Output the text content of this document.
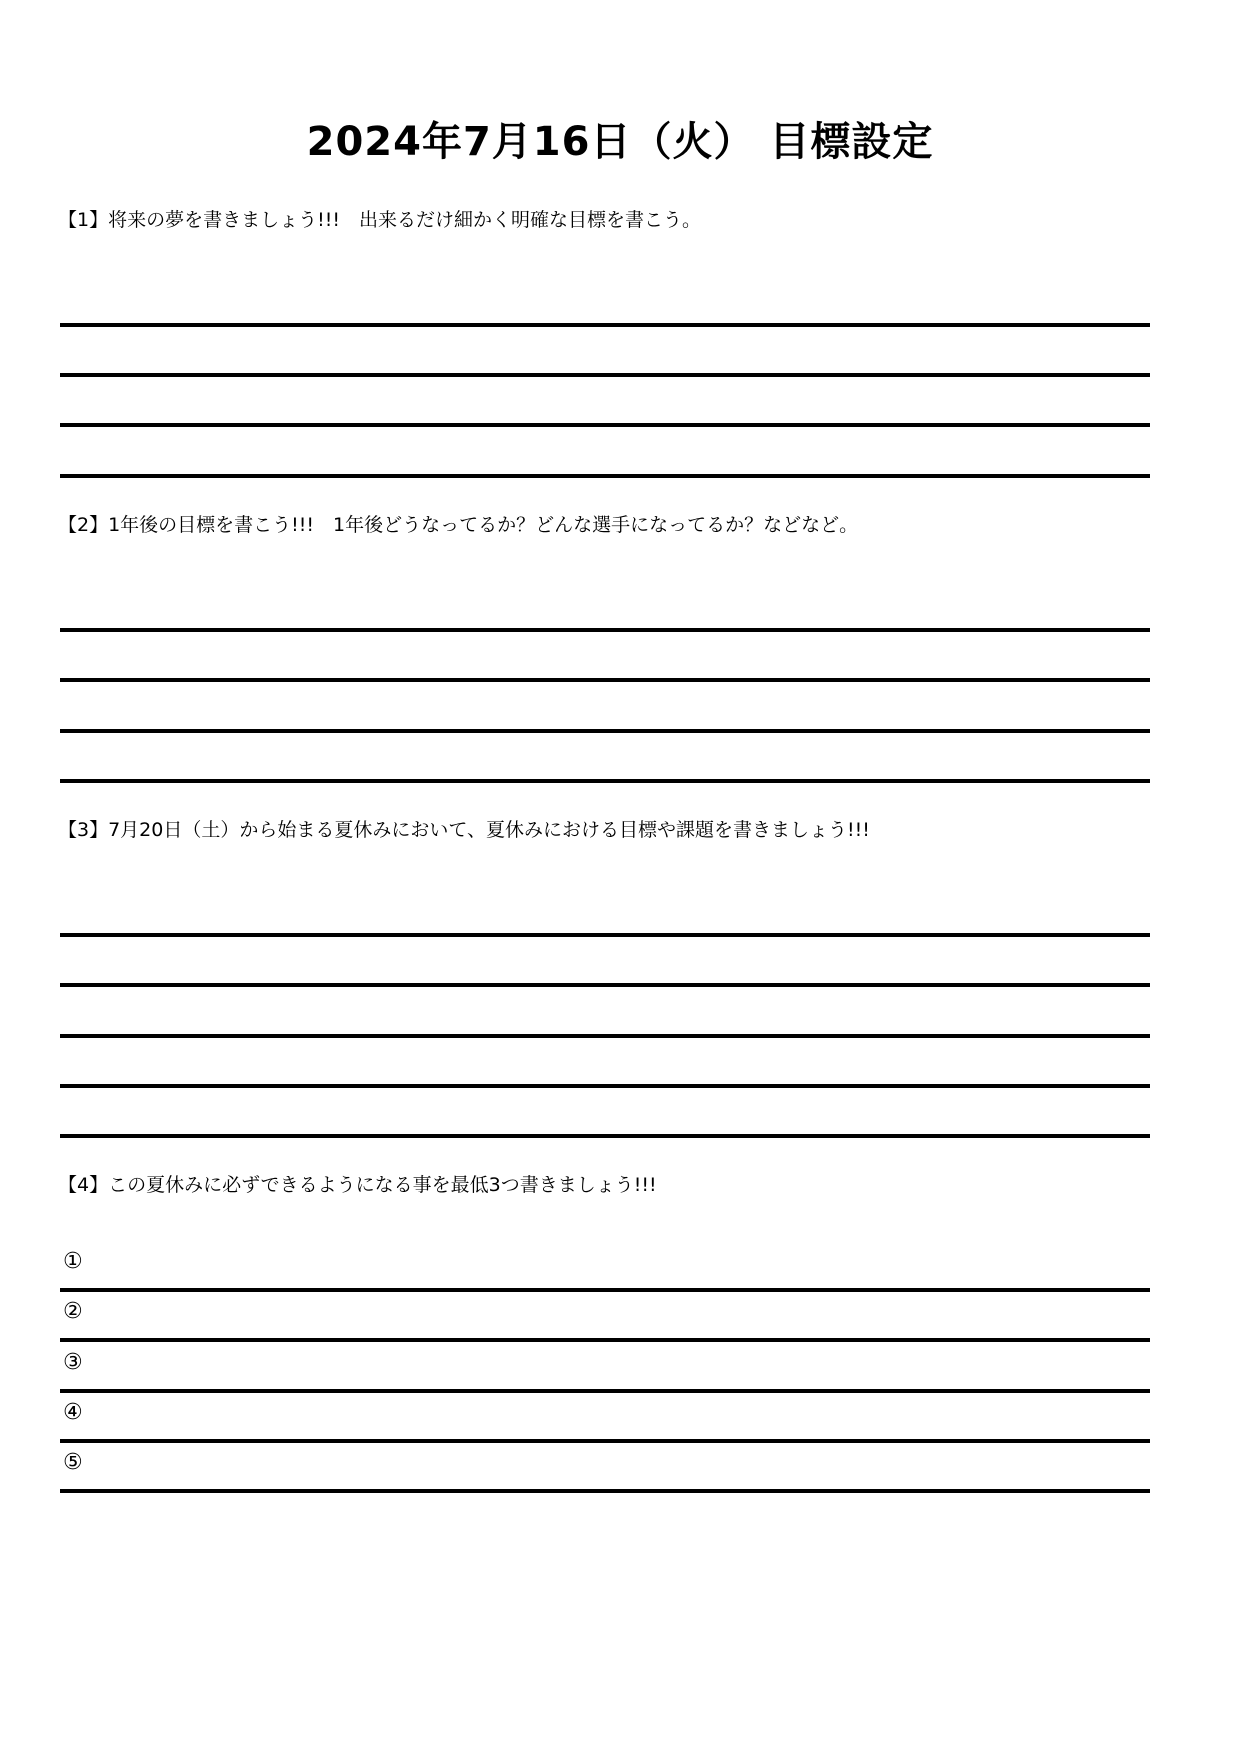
2024年7月16日（火） 目標設定
【1】将来の夢を書きましょう!!!　出来るだけ細かく明確な目標を書こう。
【2】1年後の目標を書こう!!!　1年後どうなってるか？どんな選手になってるか？などなど。
【3】7月20日（土）から始まる夏休みにおいて、夏休みにおける目標や課題を書きましょう!!!
【4】この夏休みに必ずできるようになる事を最低3つ書きましょう!!!
①
②
③
④
⑤
